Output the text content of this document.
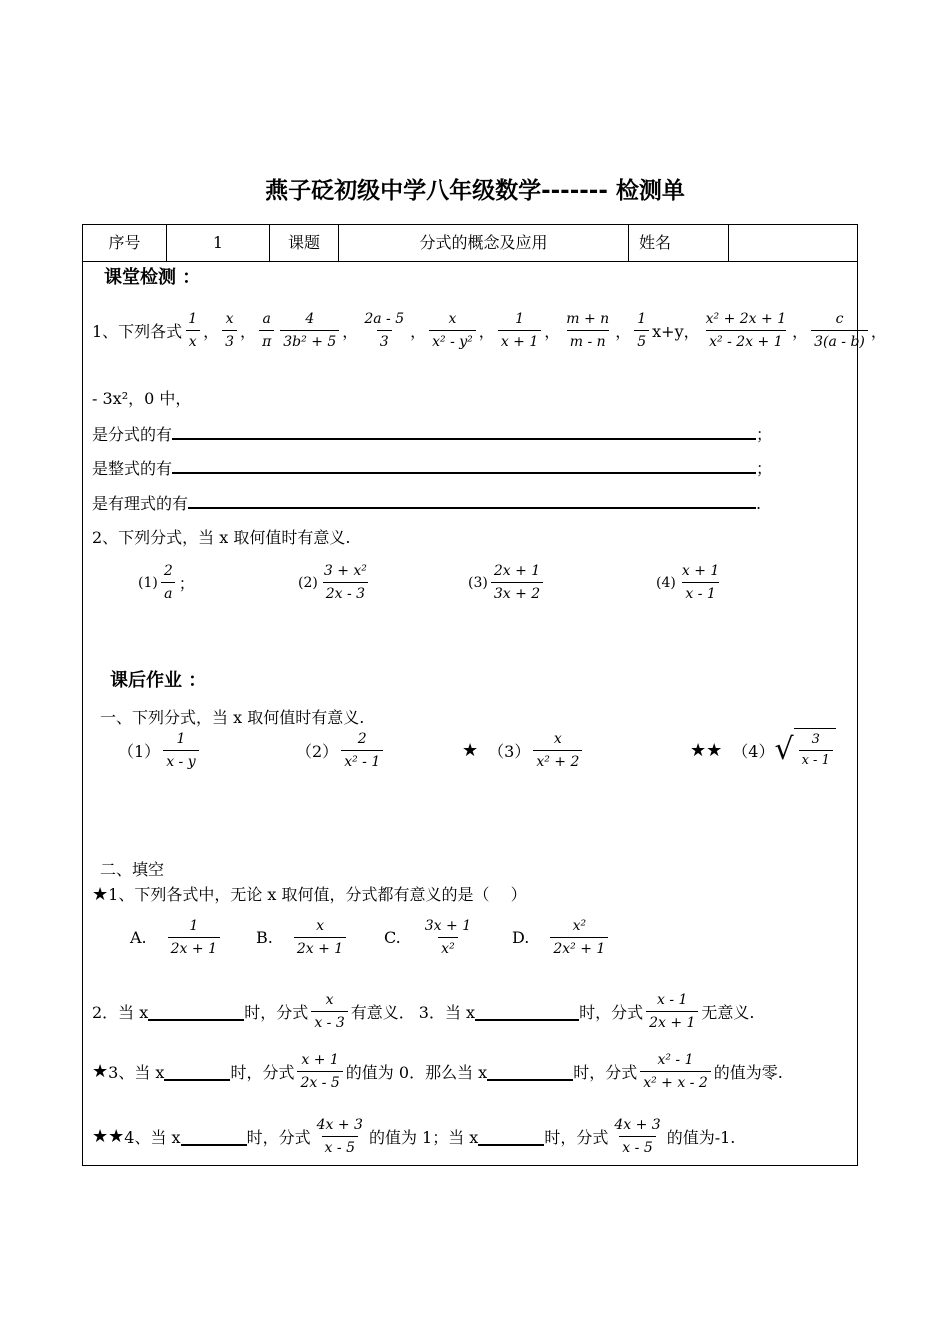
燕子砭初级中学八年级数学------- 检测单
序号	1	课题	分式的概念及应用	姓名
课堂检测 ：
1、下列各式 $\frac{1}{x}$ ， $\frac{x}{3}$ ， $\frac{a}{\pi} \frac{4}{\text{3b² + 5}}$ ， $\frac{2a - 5}{3}$ ， $\frac{x}{\text{x² - y²}}$ ， $\frac{1}{x + 1}$ ， $\frac{m + n}{m - n}$ ， $\frac{1}{5} x+y$， $\frac{\text{x² + 2x + 1}}{\text{x² - 2x + 1}}$ ， $\frac{c}{3(a - b)}$ ，
- 3x²，0 中，
是分式的有	；
是整式的有	；
是有理式的有	.
2、下列分式，当 x 取何值时有意义.
$(1) \frac{2}{a}$ ；	$(2) \frac{\text{3 + x²}}{2x - 3}$	$(3) \frac{2x + 1}{3x + 2}$	$(4) \frac{x + 1}{x - 1}$
课后作业 ：
一、下列分式，当 x 取何值时有意义.
$(1) \frac{1}{x - y}$	$(2) \frac{2}{\text{x² - 1}}$	★ $(3) \frac{x}{\text{x² + 2}}$	★★ （4） √ $\frac{3}{x - 1}$
二、填空
★1、下列各式中，无论 x 取何值，分式都有意义的是（　 ）
A. $\frac{1}{2x + 1} B$. $\frac{x}{2x + 1} C$. $\frac{3x + 1}{\text{x²}} D$. $\frac{\text{x²}}{\text{2x² + 1}}$
2．当 x	时，分式 $\frac{x}{x - 3}$ 有意义． 3．当 x	时，分式 $\frac{x - 1}{2x + 1}$ 无意义.
★ 3、当 x	时，分式 $\frac{x + 1}{2x - 5}$ 的值为 0．那么当 x	时，分式 $\frac{\text{x² - 1}}{\text{x² + x - 2}}$ 的值为零.
★★ 4、当 x	时，分式 $\frac{4x + 3}{x - 5}$ 的值为 1；当 x	时，分式 $\frac{4x + 3}{x - 5}$ 的值为-1.
